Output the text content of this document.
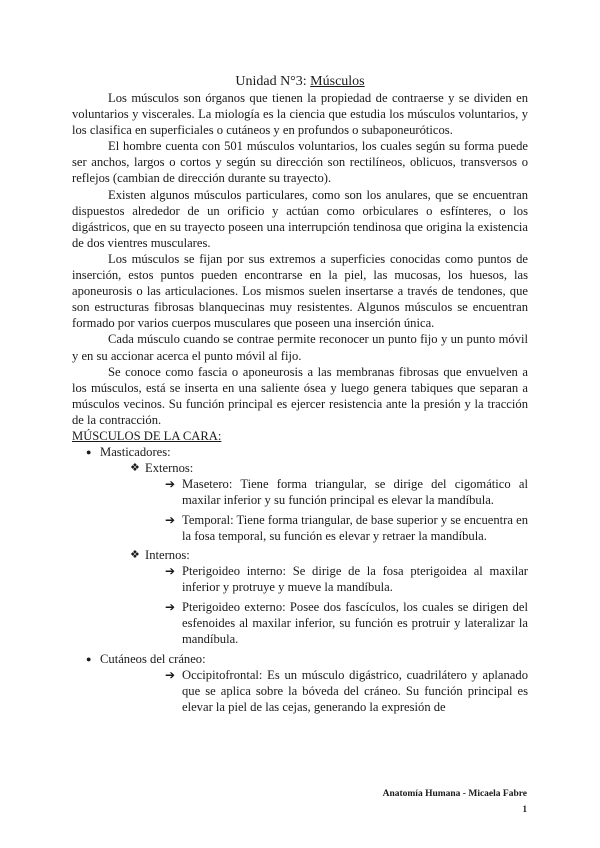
Unidad N°3: Músculos

Los músculos son órganos que tienen la propiedad de contraerse y se dividen en voluntarios y viscerales. La miología es la ciencia que estudia los músculos voluntarios, y los clasifica en superficiales o cutáneos y en profundos o subaponeuróticos.

El hombre cuenta con 501 músculos voluntarios, los cuales según su forma puede ser anchos, largos o cortos y según su dirección son rectilíneos, oblicuos, transversos o reflejos (cambian de dirección durante su trayecto).

Existen algunos músculos particulares, como son los anulares, que se encuentran dispuestos alrededor de un orificio y actúan como orbiculares o esfínteres, o los digástricos, que en su trayecto poseen una interrupción tendinosa que origina la existencia de dos vientres musculares.

Los músculos se fijan por sus extremos a superficies conocidas como puntos de inserción, estos puntos pueden encontrarse en la piel, las mucosas, los huesos, las aponeurosis o las articulaciones. Los mismos suelen insertarse a través de tendones, que son estructuras fibrosas blanquecinas muy resistentes. Algunos músculos se encuentran formado por varios cuerpos musculares que poseen una inserción única.

Cada músculo cuando se contrae permite reconocer un punto fijo y un punto móvil y en su accionar acerca el punto móvil al fijo.

Se conoce como fascia o aponeurosis a las membranas fibrosas que envuelven a los músculos, está se inserta en una saliente ósea y luego genera tabiques que separan a músculos vecinos. Su función principal es ejercer resistencia ante la presión y la tracción de la contracción.

MÚSCULOS DE LA CARA:
● Masticadores:
❖ Externos:
➔ Masetero: Tiene forma triangular, se dirige del cigomático al maxilar inferior y su función principal es elevar la mandíbula.
➔ Temporal: Tiene forma triangular, de base superior y se encuentra en la fosa temporal, su función es elevar y retraer la mandíbula.
❖ Internos:
➔ Pterigoideo interno: Se dirige de la fosa pterigoidea al maxilar inferior y protruye y mueve la mandíbula.
➔ Pterigoideo externo: Posee dos fascículos, los cuales se dirigen del esfenoides al maxilar inferior, su función es protruir y lateralizar la mandíbula.
● Cutáneos del cráneo:
➔ Occipitofrontal: Es un músculo digástrico, cuadrilátero y aplanado que se aplica sobre la bóveda del cráneo. Su función principal es elevar la piel de las cejas, generando la expresión de
Anatomía Humana - Micaela Fabre
1
